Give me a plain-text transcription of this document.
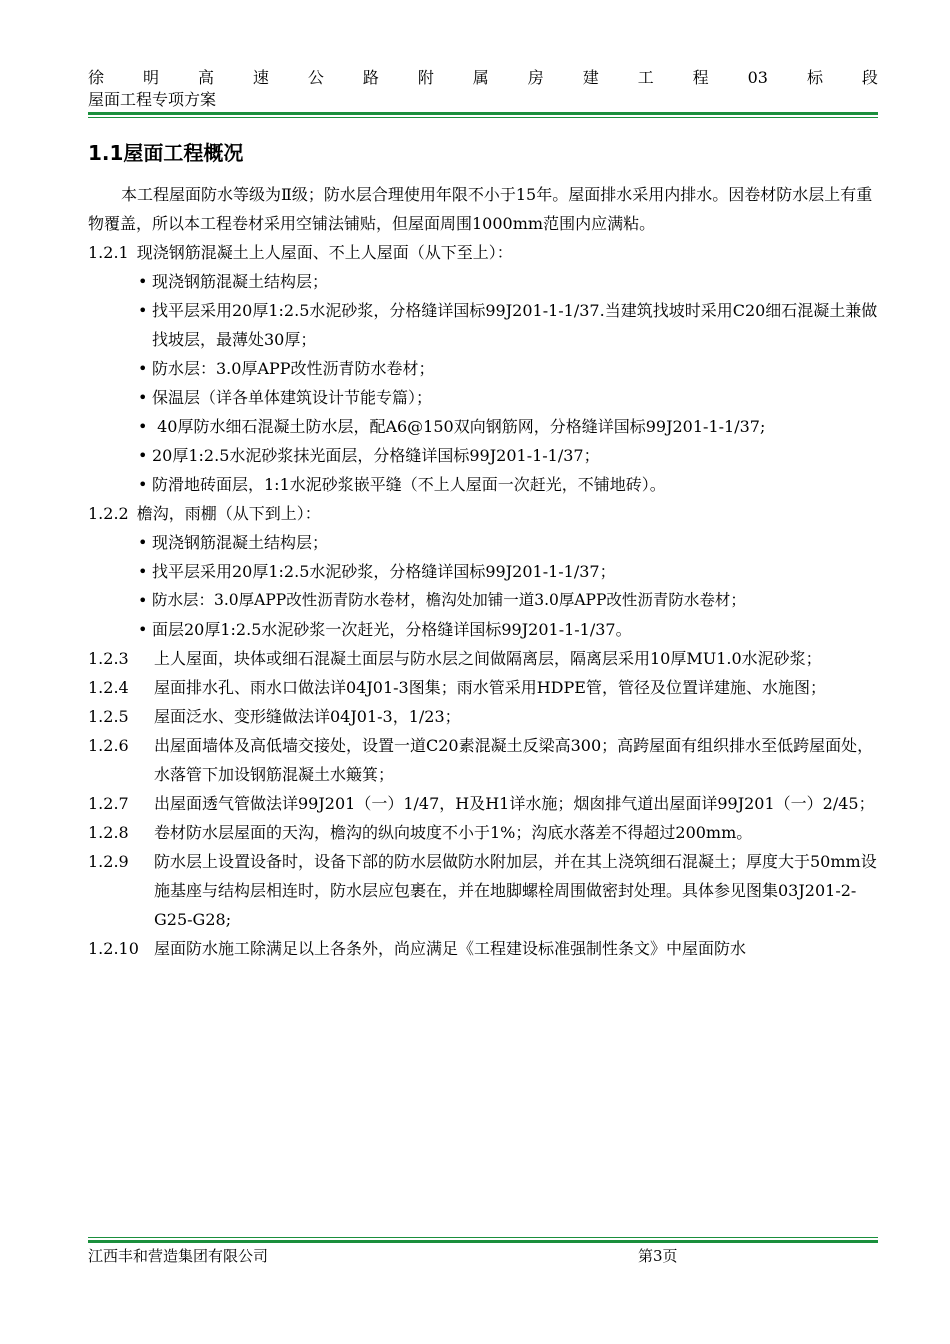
徐 明 高 速 公 路 附 属 房 建 工 程 03 标 段
屋面工程专项方案
1.1屋面工程概况

本工程屋面防水等级为Ⅱ级；防水层合理使用年限不小于15年。屋面排水采用内排水。因卷材防水层上有重物覆盖，所以本工程卷材采用空铺法铺贴，但屋面周围1000mm范围内应满粘。

1.2.1 现浇钢筋混凝土上人屋面、不上人屋面（从下至上）：
• 现浇钢筋混凝土结构层；
• 找平层采用20厚1:2.5水泥砂浆，分格缝详国标99J201-1-1/37.当建筑找坡时采用C20细石混凝土兼做找坡层，最薄处30厚；
• 防水层：3.0厚APP改性沥青防水卷材；
• 保温层（详各单体建筑设计节能专篇）；
• 40厚防水细石混凝土防水层，配A6@150双向钢筋网，分格缝详国标99J201-1-1/37;
• 20厚1:2.5水泥砂浆抹光面层，分格缝详国标99J201-1-1/37；
• 防滑地砖面层，1:1水泥砂浆嵌平缝（不上人屋面一次赶光，不铺地砖）。
1.2.2 檐沟，雨棚（从下到上）：
• 现浇钢筋混凝土结构层；
• 找平层采用20厚1:2.5水泥砂浆，分格缝详国标99J201-1-1/37；
• 防水层：3.0厚APP改性沥青防水卷材，檐沟处加铺一道3.0厚APP改性沥青防水卷材；
• 面层20厚1:2.5水泥砂浆一次赶光，分格缝详国标99J201-1-1/37。
1.2.3	上人屋面，块体或细石混凝土面层与防水层之间做隔离层，隔离层采用10厚MU1.0水泥砂浆；
1.2.4	屋面排水孔、雨水口做法详04J01-3图集；雨水管采用HDPE管，管径及位置详建施、水施图；
1.2.5	屋面泛水、变形缝做法详04J01-3，1/23；
1.2.6	出屋面墙体及高低墙交接处，设置一道C20素混凝土反梁高300；高跨屋面有组织排水至低跨屋面处，水落管下加设钢筋混凝土水簸箕；
1.2.7	出屋面透气管做法详99J201（一）1/47，H及H1详水施；烟囱排气道出屋面详99J201（一）2/45；
1.2.8	卷材防水层屋面的天沟，檐沟的纵向坡度不小于1%；沟底水落差不得超过200mm。
1.2.9	防水层上设置设备时，设备下部的防水层做防水附加层，并在其上浇筑细石混凝土；厚度大于50mm设施基座与结构层相连时，防水层应包裹在，并在地脚螺栓周围做密封处理。具体参见图集03J201-2-G25-G28;
1.2.10 屋面防水施工除满足以上各条外，尚应满足《工程建设标准强制性条文》中屋面防水
江西丰和营造集团有限公司	第3页
